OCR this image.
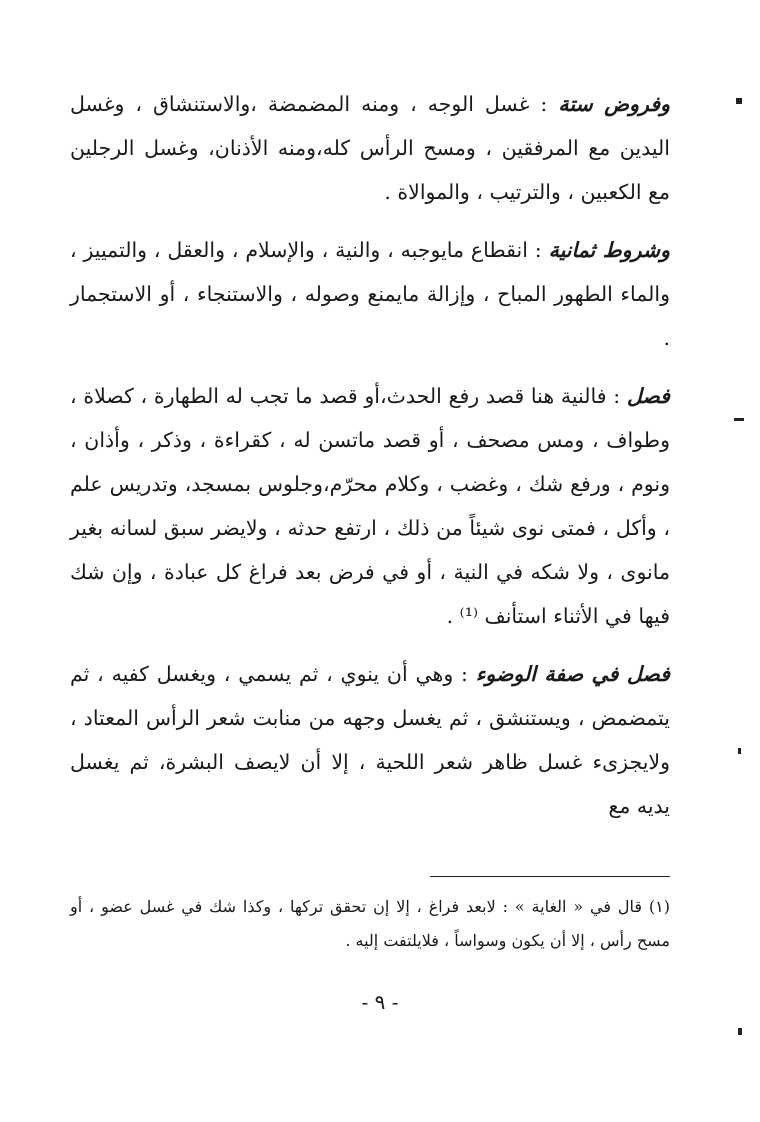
وفروض ستة : غسل الوجه ، ومنه المضمضة ،والاستنشاق ، وغسل اليدين مع المرفقين ، ومسح الرأس كله،ومنه الأذنان، وغسل الرجلين مع الكعبين ، والترتيب ، والموالاة .

وشروط ثمانية : انقطاع مايوجبه ، والنية ، والإسلام ، والعقل ، والتمييز ، والماء الطهور المباح ، وإزالة مايمنع وصوله ، والاستنجاء ، أو الاستجمار .

فصل : فالنية هنا قصد رفع الحدث،أو قصد ما تجب له الطهارة ، كصلاة ، وطواف ، ومس مصحف ، أو قصد ماتسن له ، كقراءة ، وذكر ، وأذان ، ونوم ، ورفع شك ، وغضب ، وكلام محرّم،وجلوس بمسجد، وتدريس علم ، وأكل ، فمتى نوى شيئاً من ذلك ، ارتفع حدثه ، ولايضر سبق لسانه بغير مانوى ، ولا شكه في النية ، أو في فرض بعد فراغ كل عبادة ، وإن شك فيها في الأثناء استأنف ⁽¹⁾ .

فصل في صفة الوضوء : وهي أن ينوي ، ثم يسمي ، ويغسل كفيه ، ثم يتمضمض ، ويستنشق ، ثم يغسل وجهه من منابت شعر الرأس المعتاد ، ولايجزىء غسل ظاهر شعر اللحية ، إلا أن لايصف البشرة، ثم يغسل يديه مع

(١) قال في « الغاية » : لابعد فراغ ، إلا إن تحقق تركها ، وكذا شك في غسل عضو ، أو مسح رأس ، إلا أن يكون وسواساً ، فلايلتفت إليه .
- ٩ -
